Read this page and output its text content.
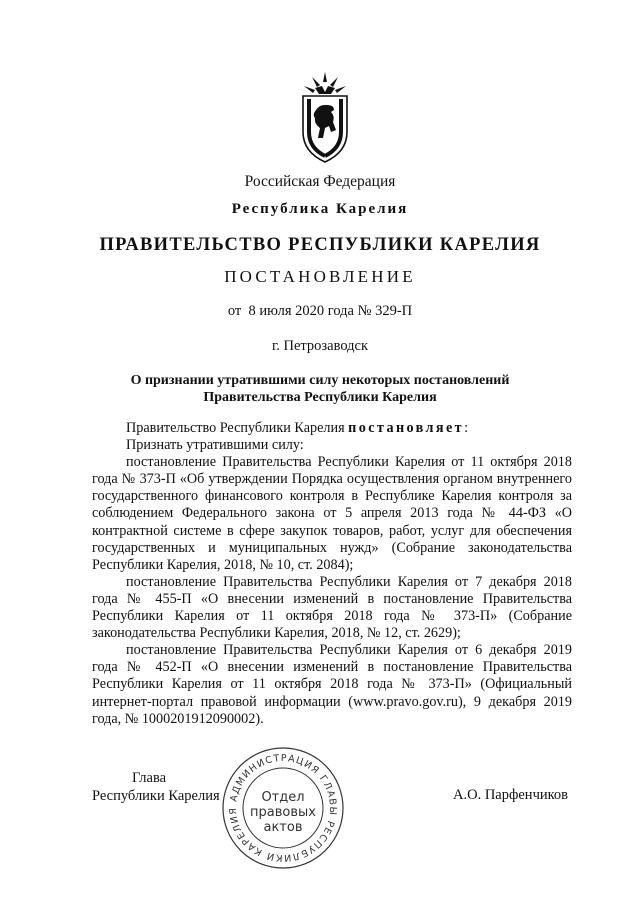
Российская Федерация
Республика Карелия
ПРАВИТЕЛЬСТВО РЕСПУБЛИКИ КАРЕЛИЯ
ПОСТАНОВЛЕНИЕ
от  8 июля 2020 года № 329-П
г. Петрозаводск
О признании утратившими силу некоторых постановлений
Правительства Республики Карелия

Правительство Республики Карелия постановляет:

Признать утратившими силу:

постановление Правительства Республики Карелия от 11 октября 2018 года № 373-П «Об утверждении Порядка осуществления органом внутреннего государственного финансового контроля в Республике Карелия контроля за соблюдением Федерального закона от 5 апреля 2013 года № 44-ФЗ «О контрактной системе в сфере закупок товаров, работ, услуг для обеспечения государственных и муниципальных нужд» (Собрание законодательства Республики Карелия, 2018, № 10, ст. 2084);

постановление Правительства Республики Карелия от 7 декабря 2018 года № 455-П «О внесении изменений в постановление Правительства Республики Карелия от 11 октября 2018 года № 373-П» (Собрание законодательства Республики Карелия, 2018, № 12, ст. 2629);

постановление Правительства Республики Карелия от 6 декабря 2019 года № 452-П «О внесении изменений в постановление Правительства Республики Карелия от 11 октября 2018 года № 373-П» (Официальный интернет-портал правовой информации (www.pravo.gov.ru), 9 декабря 2019 года, № 1000201912090002).

Глава
Республики Карелия	А.О. Парфенчиков
АДМИНИСТРАЦИЯ ГЛАВЫ РЕСПУБЛИКИ КАРЕЛИЯ
Отдел
правовых
актов
